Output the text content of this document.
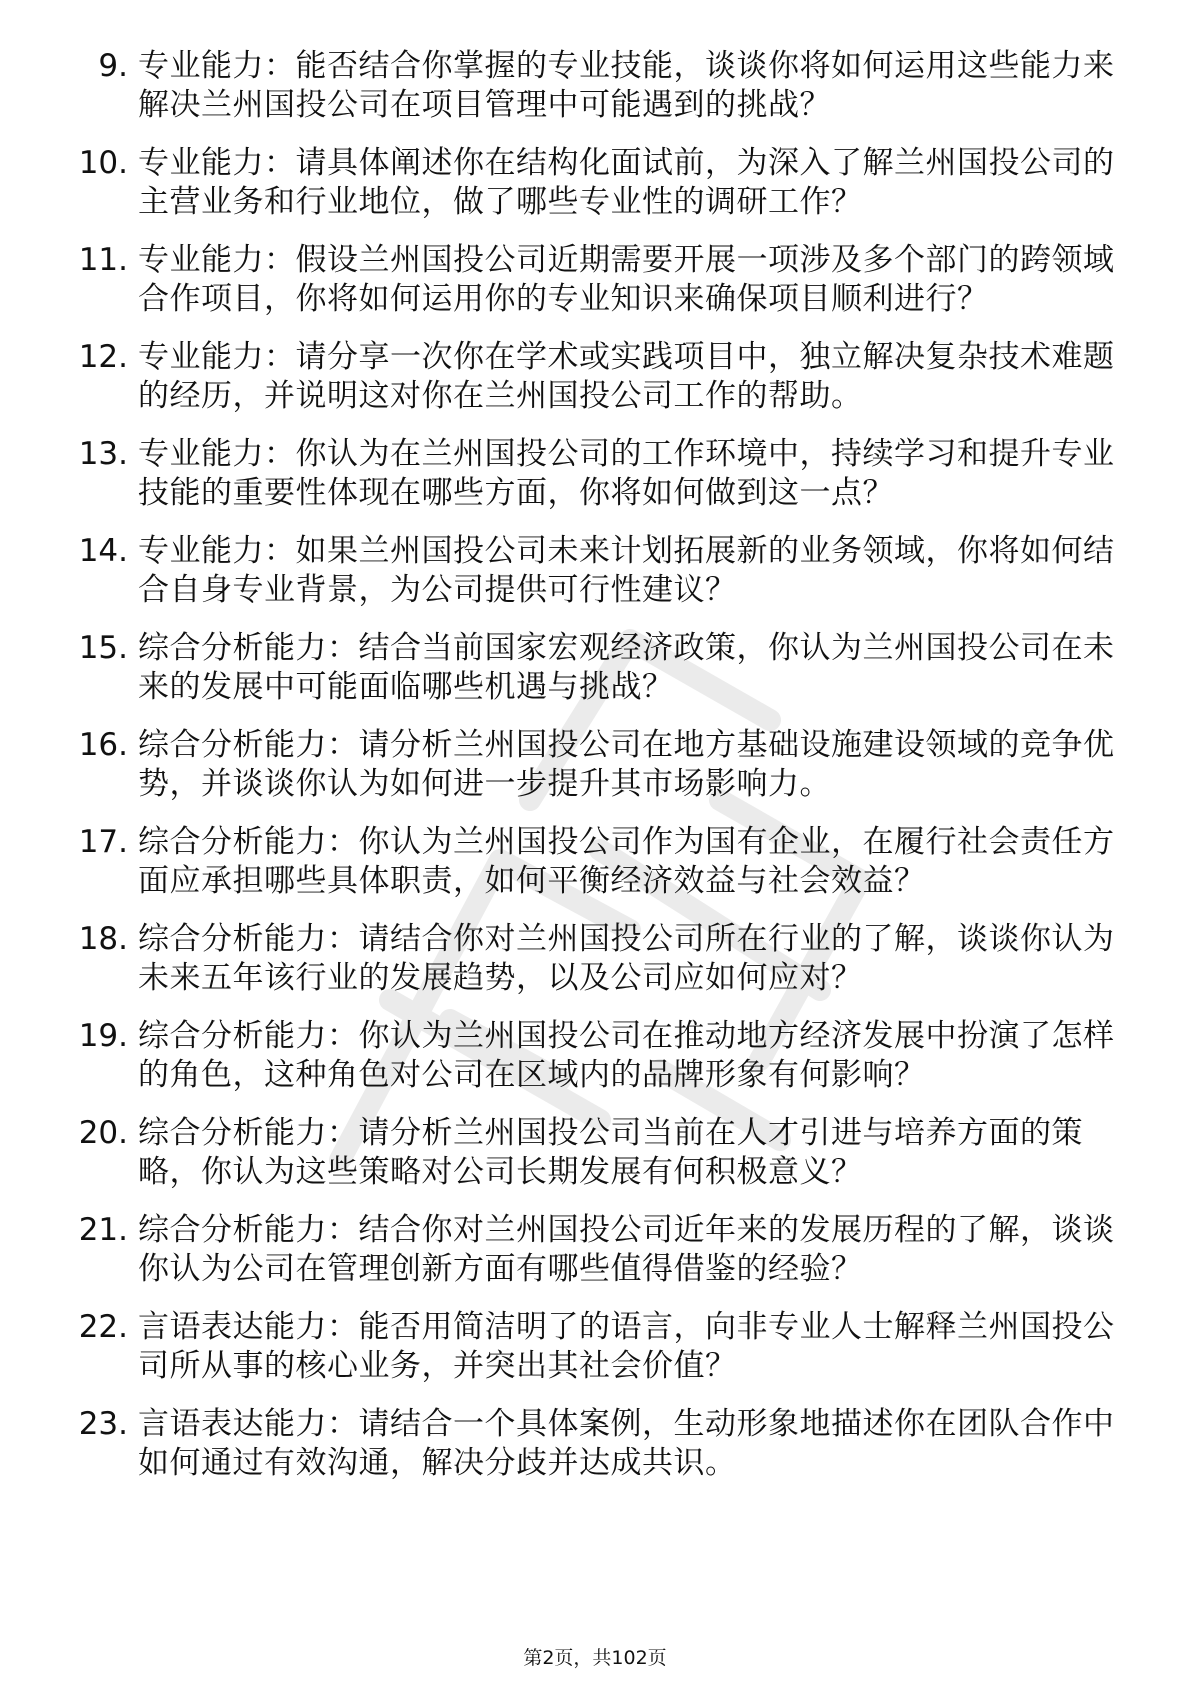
9. 专业能力：能否结合你掌握的专业技能，谈谈你将如何运用这些能力来解决兰州国投公司在项目管理中可能遇到的挑战？
10. 专业能力：请具体阐述你在结构化面试前，为深入了解兰州国投公司的主营业务和行业地位，做了哪些专业性的调研工作？
11. 专业能力：假设兰州国投公司近期需要开展一项涉及多个部门的跨领域合作项目，你将如何运用你的专业知识来确保项目顺利进行？
12. 专业能力：请分享一次你在学术或实践项目中，独立解决复杂技术难题的经历，并说明这对你在兰州国投公司工作的帮助。
13. 专业能力：你认为在兰州国投公司的工作环境中，持续学习和提升专业技能的重要性体现在哪些方面，你将如何做到这一点？
14. 专业能力：如果兰州国投公司未来计划拓展新的业务领域，你将如何结合自身专业背景，为公司提供可行性建议？
15. 综合分析能力：结合当前国家宏观经济政策，你认为兰州国投公司在未来的发展中可能面临哪些机遇与挑战？
16. 综合分析能力：请分析兰州国投公司在地方基础设施建设领域的竞争优势，并谈谈你认为如何进一步提升其市场影响力。
17. 综合分析能力：你认为兰州国投公司作为国有企业，在履行社会责任方面应承担哪些具体职责，如何平衡经济效益与社会效益？
18. 综合分析能力：请结合你对兰州国投公司所在行业的了解，谈谈你认为未来五年该行业的发展趋势，以及公司应如何应对？
19. 综合分析能力：你认为兰州国投公司在推动地方经济发展中扮演了怎样的角色，这种角色对公司在区域内的品牌形象有何影响？
20. 综合分析能力：请分析兰州国投公司当前在人才引进与培养方面的策略，你认为这些策略对公司长期发展有何积极意义？
21. 综合分析能力：结合你对兰州国投公司近年来的发展历程的了解，谈谈你认为公司在管理创新方面有哪些值得借鉴的经验？
22. 言语表达能力：能否用简洁明了的语言，向非专业人士解释兰州国投公司所从事的核心业务，并突出其社会价值？
23. 言语表达能力：请结合一个具体案例，生动形象地描述你在团队合作中如何通过有效沟通，解决分歧并达成共识。
第2页，共102页
